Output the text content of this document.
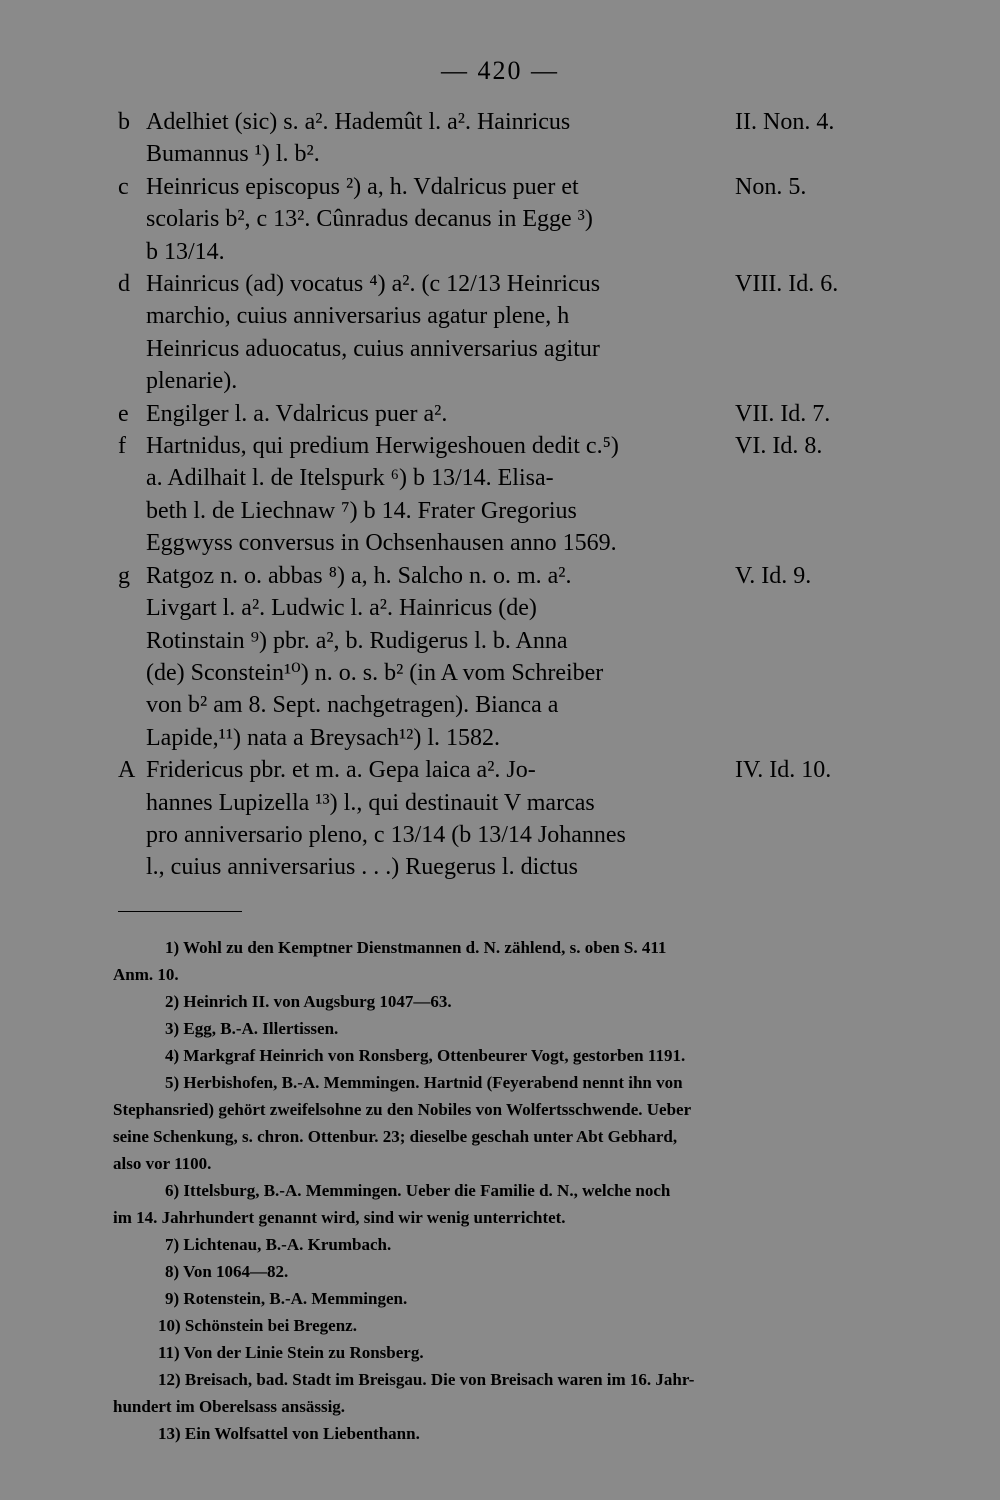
— 420 —
II. Non. 4.
b Adelhiet (sic) s. a². Hademût l. a². Hainricus
Bumannus ¹) l. b².
Non. 5.
c Heinricus episcopus ²) a, h. Vdalricus puer et
scolaris b², c 13². Cûnradus decanus in Egge ³)
b 13/14.
VIII. Id. 6.
d Hainricus (ad) vocatus ⁴) a². (c 12/13 Heinricus
marchio, cuius anniversarius agatur plene, h
Heinricus aduocatus, cuius anniversarius agitur
plenarie).
VII. Id. 7.
e Engilger l. a. Vdalricus puer a².
VI. Id. 8.
f Hartnidus, qui predium Herwigeshouen dedit c.⁵)
a. Adilhait l. de Itelspurk ⁶) b 13/14. Elisa-
beth l. de Liechnaw ⁷) b 14. Frater Gregorius
Eggwyss conversus in Ochsenhausen anno 1569.
V. Id. 9.
g Ratgoz n. o. abbas ⁸) a, h. Salcho n. o. m. a².
Livgart l. a². Ludwic l. a². Hainricus (de)
Rotinstain ⁹) pbr. a², b. Rudigerus l. b. Anna
(de) Sconstein¹⁰) n. o. s. b² (in A vom Schreiber
von b² am 8. Sept. nachgetragen). Bianca a
Lapide,¹¹) nata a Breysach¹²) l. 1582.
IV. Id. 10.
A Fridericus pbr. et m. a. Gepa laica a². Jo-
hannes Lupizella ¹³) l., qui destinauit V marcas
pro anniversario pleno, c 13/14 (b 13/14 Johannes
l., cuius anniversarius . . .) Ruegerus l. dictus
1) Wohl zu den Kemptner Dienstmannen d. N. zählend, s. oben S. 411
Anm. 10.
2) Heinrich II. von Augsburg 1047—63.
3) Egg, B.-A. Illertissen.
4) Markgraf Heinrich von Ronsberg, Ottenbeurer Vogt, gestorben 1191.
5) Herbishofen, B.-A. Memmingen. Hartnid (Feyerabend nennt ihn von
Stephansried) gehört zweifelsohne zu den Nobiles von Wolfertsschwende. Ueber
seine Schenkung, s. chron. Ottenbur. 23; dieselbe geschah unter Abt Gebhard,
also vor 1100.
6) Ittelsburg, B.-A. Memmingen. Ueber die Familie d. N., welche noch
im 14. Jahrhundert genannt wird, sind wir wenig unterrichtet.
7) Lichtenau, B.-A. Krumbach.
8) Von 1064—82.
9) Rotenstein, B.-A. Memmingen.
10) Schönstein bei Bregenz.
11) Von der Linie Stein zu Ronsberg.
12) Breisach, bad. Stadt im Breisgau. Die von Breisach waren im 16. Jahr-
hundert im Oberelsass ansässig.
13) Ein Wolfsattel von Liebenthann.
